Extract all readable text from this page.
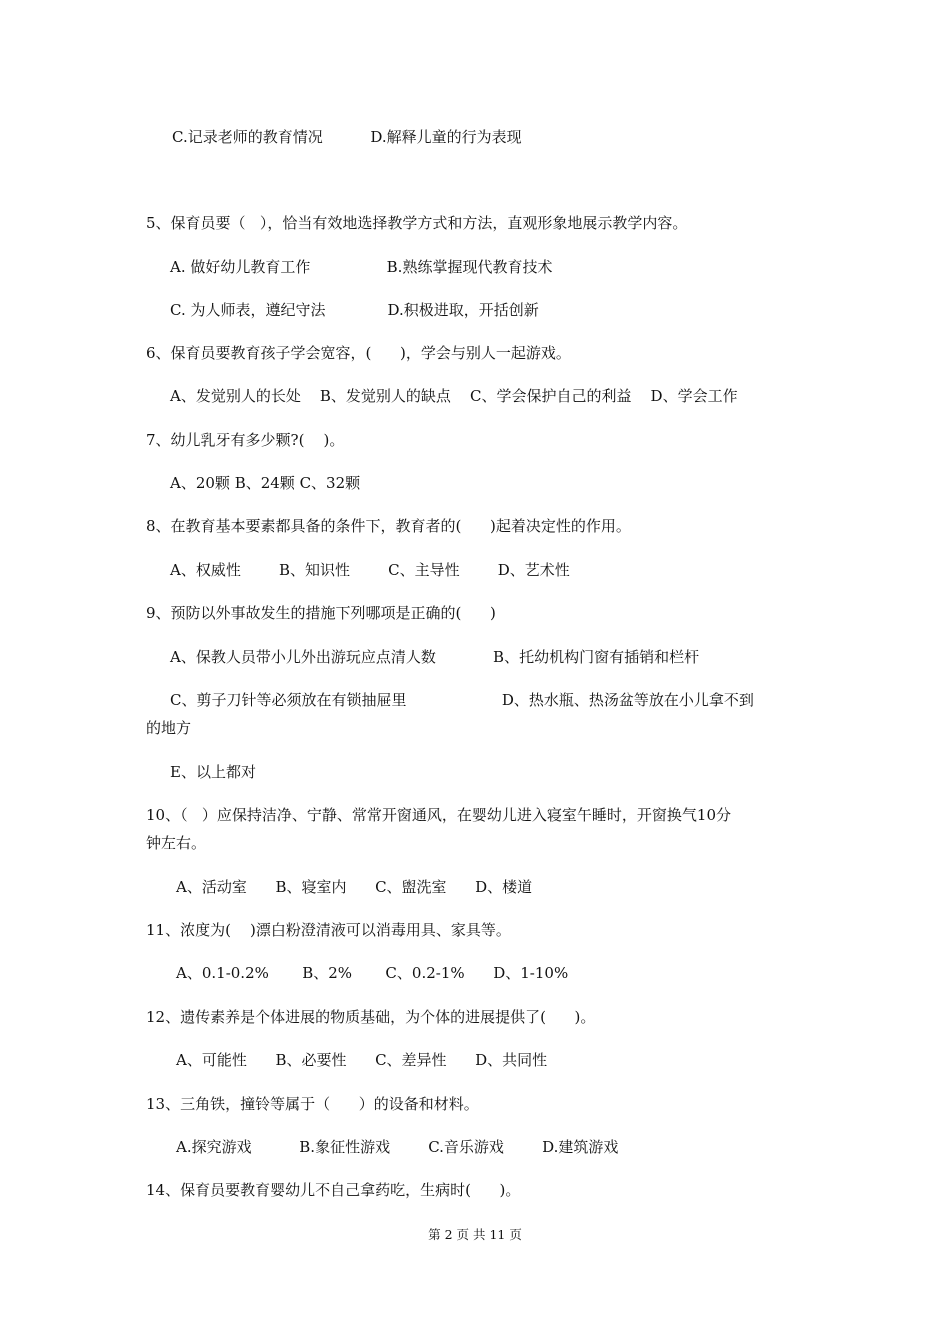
C.记录老师的教育情况          D.解释儿童的行为表现
5、保育员要（   ），恰当有效地选择教学方式和方法，直观形象地展示教学内容。
A. 做好幼儿教育工作                B.熟练掌握现代教育技术
C. 为人师表，遵纪守法             D.积极进取，开括创新
6、保育员要教育孩子学会宽容，(      )，学会与别人一起游戏。
A、发觉别人的长处    B、发觉别人的缺点    C、学会保护自己的利益    D、学会工作
7、幼儿乳牙有多少颗?(    )。
A、20颗 B、24颗 C、32颗
8、在教育基本要素都具备的条件下，教育者的(      )起着决定性的作用。
A、权威性        B、知识性        C、主导性        D、艺术性
9、预防以外事故发生的措施下列哪项是正确的(      )
A、保教人员带小儿外出游玩应点清人数            B、托幼机构门窗有插销和栏杆
C、剪子刀针等必须放在有锁抽屉里                    D、热水瓶、热汤盆等放在小儿拿不到
的地方
E、以上都对
10、（   ）应保持洁净、宁静、常常开窗通风，在婴幼儿进入寝室午睡时，开窗换气10分
钟左右。
A、活动室      B、寝室内      C、盥洗室      D、楼道
11、浓度为(    )漂白粉澄清液可以消毒用具、家具等。
A、0.1-0.2%       B、2%       C、0.2-1%      D、1-10%
12、遗传素养是个体进展的物质基础，为个体的进展提供了(      )。
A、可能性      B、必要性      C、差异性      D、共同性
13、三角铁，撞铃等属于（      ）的设备和材料。
A.探究游戏          B.象征性游戏        C.音乐游戏        D.建筑游戏
14、保育员要教育婴幼儿不自己拿药吃，生病时(      )。
第 2 页 共 11 页
